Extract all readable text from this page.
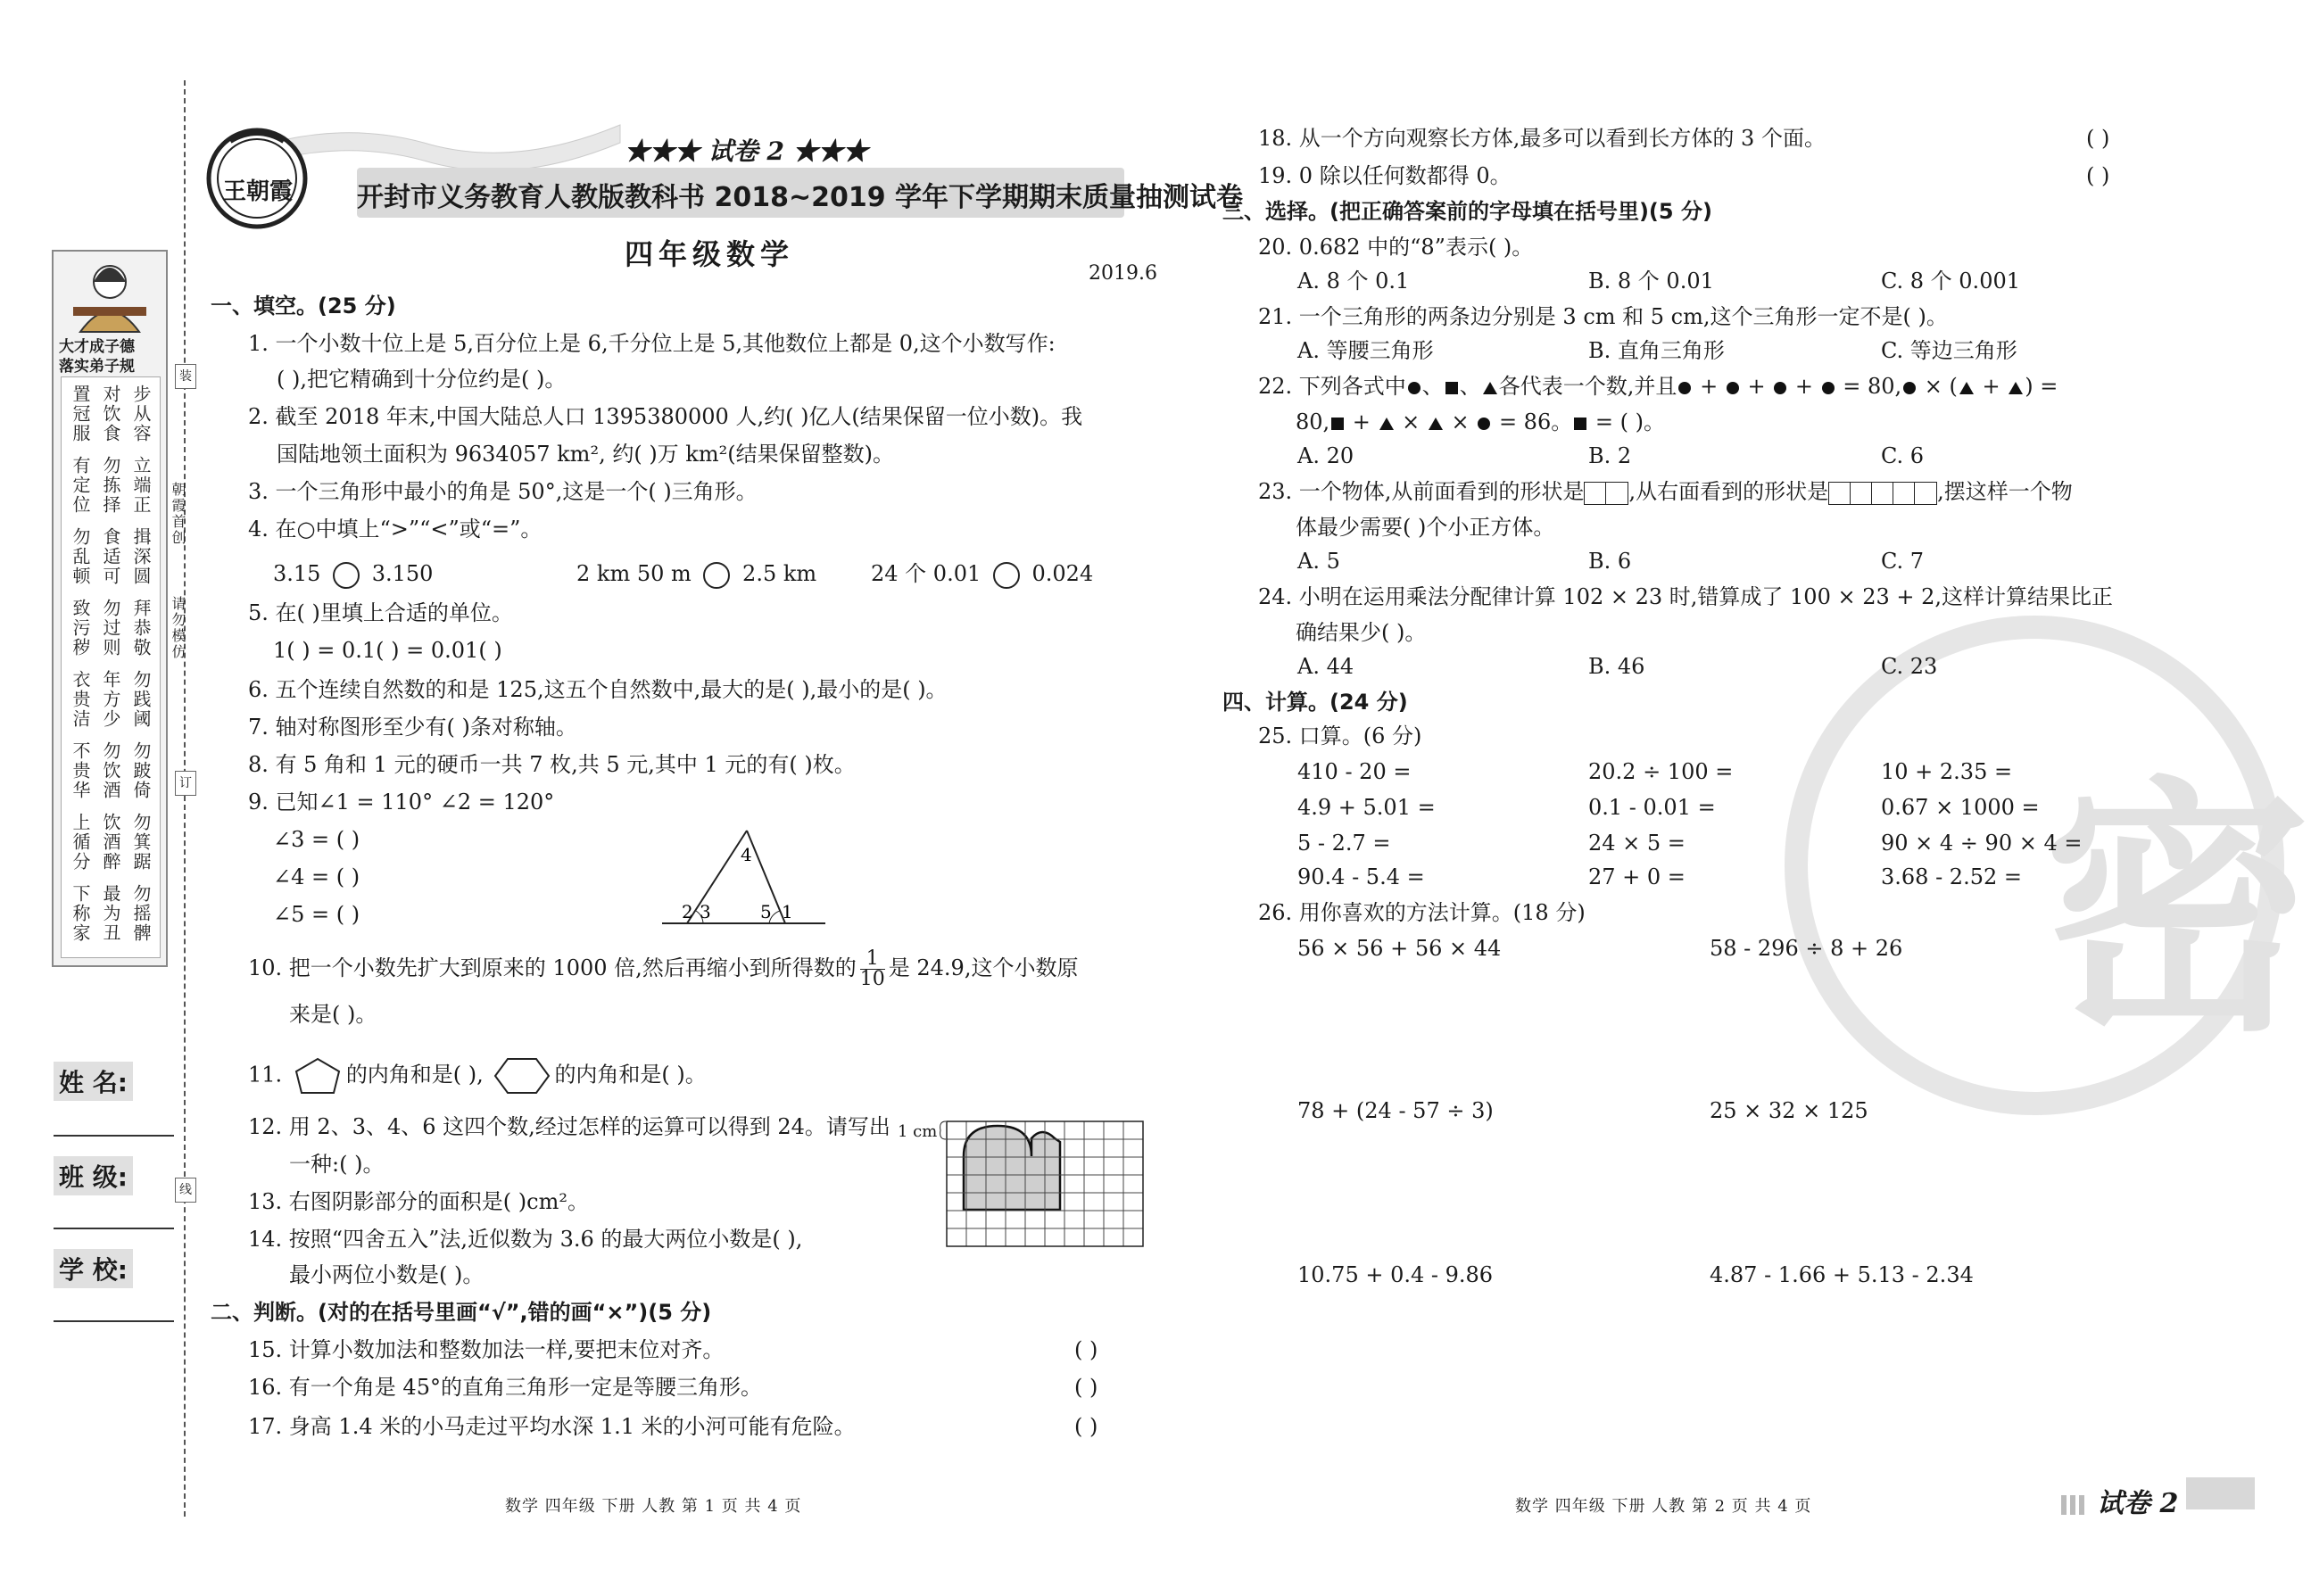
装
订
线
朝霞首创
请勿模仿
大才成子德
落实弟子规
步从容
对饮食
置冠服
立端正
勿拣择
有定位
揖深圆
食适可
勿乱顿
拜恭敬
勿过则
致污秽
勿践阈
年方少
衣贵洁
勿跛倚
勿饮酒
不贵华
勿箕踞
饮酒醉
上循分
勿摇髀
最为丑
下称家
姓 名:
班 级:
学 校:
王朝霞
★★★ 试卷 2 ★★★
开封市义务教育人教版教科书 2018~2019 学年下学期期末质量抽测试卷
四年级数学
2019.6
一、填空。(25 分)
1. 一个小数十位上是 5,百分位上是 6,千分位上是 5,其他数位上都是 0,这个小数写作:
( ),把它精确到十分位约是( )。
2. 截至 2018 年末,中国大陆总人口 1395380000 人,约( )亿人(结果保留一位小数)。我
国陆地领土面积为 9634057 km², 约( )万 km²(结果保留整数)。
3. 一个三角形中最小的角是 50°,这是一个( )三角形。
4. 在○中填上“>”“<”或“=”。
3.15 3.150	2 km 50 m 2.5 km	24 个 0.01 0.024
5. 在( )里填上合适的单位。
1( ) = 0.1( ) = 0.01( )
6. 五个连续自然数的和是 125,这五个自然数中,最大的是( ),最小的是( )。
7. 轴对称图形至少有( )条对称轴。
8. 有 5 角和 1 元的硬币一共 7 枚,共 5 元,其中 1 元的有( )枚。
9. 已知∠1 = 110° ∠2 = 120°
∠3 = ( )
∠4 = ( )
∠5 = ( )
4
2 3	5 1
10. 把一个小数先扩大到原来的 1000 倍,然后再缩小到所得数的 $\frac{1}{10}$ 是 24.9,这个小数原
来是( )。
11.	的内角和是( ),	的内角和是( )。
12. 用 2、3、4、6 这四个数,经过怎样的运算可以得到 24。请写出
一种:( )。
13. 右图阴影部分的面积是( )cm²。
14. 按照“四舍五入”法,近似数为 3.6 的最大两位小数是( ),
最小两位小数是( )。
1 cm
二、判断。(对的在括号里画“√”,错的画“×”)(5 分)
15. 计算小数加法和整数加法一样,要把末位对齐。	( )
16. 有一个角是 45°的直角三角形一定是等腰三角形。	( )
17. 身高 1.4 米的小马走过平均水深 1.1 米的小河可能有危险。	( )
数学 四年级 下册 人教 第 1 页 共 4 页
密
18. 从一个方向观察长方体,最多可以看到长方体的 3 个面。	( )
19. 0 除以任何数都得 0。	( )
三、选择。(把正确答案前的字母填在括号里)(5 分)
20. 0.682 中的“8”表示( )。
A. 8 个 0.1	B. 8 个 0.01	C. 8 个 0.001
21. 一个三角形的两条边分别是 3 cm 和 5 cm,这个三角形一定不是( )。
A. 等腰三角形	B. 直角三角形	C. 等边三角形
22. 下列各式中 、 、 各代表一个数,并且 +  +  +  = 80, × ( + ) =
80, +  ×  ×  = 86。 = ( )。
A. 20	B. 2	C. 6
23. 一个物体,从前面看到的形状是 ,从右面看到的形状是	,摆这样一个物
体最少需要( )个小正方体。
A. 5	B. 6	C. 7
24. 小明在运用乘法分配律计算 102 × 23 时,错算成了 100 × 23 + 2,这样计算结果比正
确结果少( )。
A. 44	B. 46	C. 23
四、计算。(24 分)
25. 口算。(6 分)
410 - 20 =	20.2 ÷ 100 =	10 + 2.35 =
4.9 + 5.01 =	0.1 - 0.01 =	0.67 × 1000 =
5 - 2.7 =	24 × 5 =	90 × 4 ÷ 90 × 4 =
90.4 - 5.4 =	27 + 0 =	3.68 - 2.52 =
26. 用你喜欢的方法计算。(18 分)
56 × 56 + 56 × 44	58 - 296 ÷ 8 + 26
78 + (24 - 57 ÷ 3)	25 × 32 × 125
10.75 + 0.4 - 9.86	4.87 - 1.66 + 5.13 - 2.34
数学 四年级 下册 人教 第 2 页 共 4 页	试卷 2
